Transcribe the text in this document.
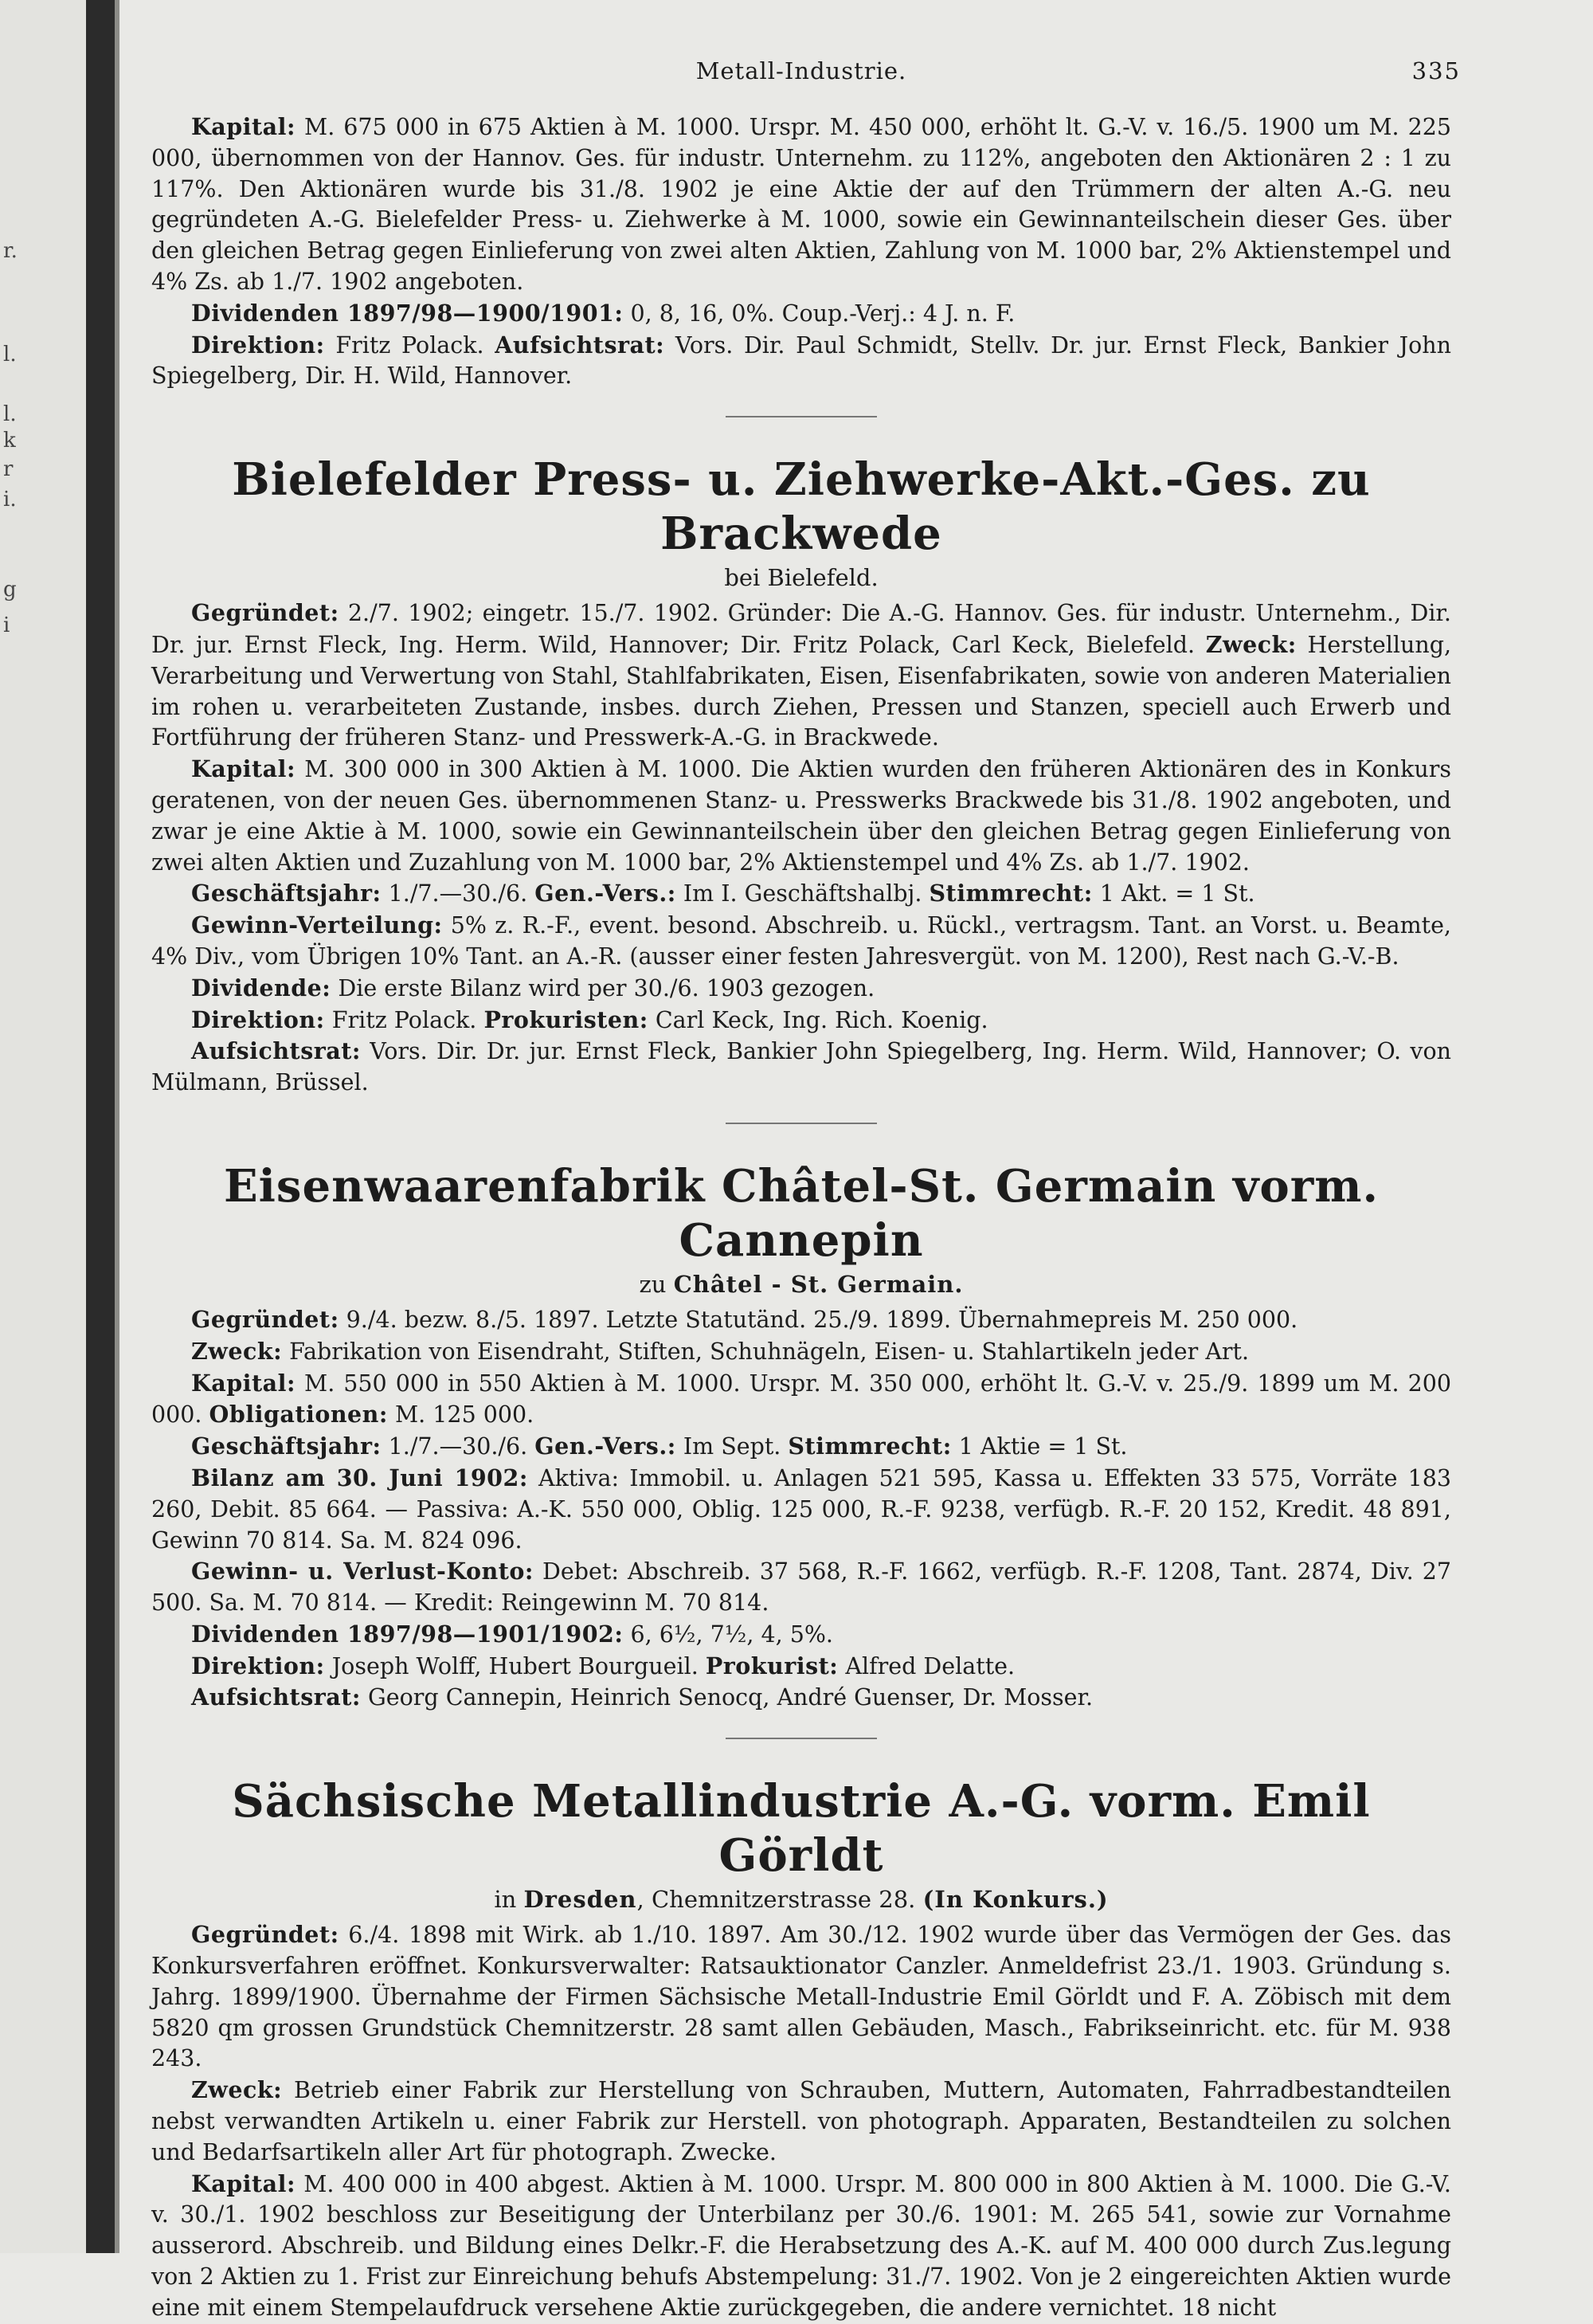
r.
l.
l.
k
r
i.
g
i
Metall-Industrie.	335

Kapital: M. 675 000 in 675 Aktien à M. 1000. Urspr. M. 450 000, erhöht lt. G.-V. v. 16./5. 1900 um M. 225 000, übernommen von der Hannov. Ges. für industr. Unternehm. zu 112%, angeboten den Aktionären 2 : 1 zu 117%. Den Aktionären wurde bis 31./8. 1902 je eine Aktie der auf den Trümmern der alten A.-G. neu gegründeten A.-G. Bielefelder Press- u. Ziehwerke à M. 1000, sowie ein Gewinnanteilschein dieser Ges. über den gleichen Betrag gegen Einlieferung von zwei alten Aktien, Zahlung von M. 1000 bar, 2% Aktienstempel und 4% Zs. ab 1./7. 1902 angeboten.

Dividenden 1897/98—1900/1901: 0, 8, 16, 0%. Coup.-Verj.: 4 J. n. F.

Direktion: Fritz Polack. Aufsichtsrat: Vors. Dir. Paul Schmidt, Stellv. Dr. jur. Ernst Fleck, Bankier John Spiegelberg, Dir. H. Wild, Hannover.

Bielefelder Press- u. Ziehwerke-Akt.-Ges. zu Brackwede
bei Bielefeld.

Gegründet: 2./7. 1902; eingetr. 15./7. 1902. Gründer: Die A.-G. Hannov. Ges. für industr. Unternehm., Dir. Dr. jur. Ernst Fleck, Ing. Herm. Wild, Hannover; Dir. Fritz Polack, Carl Keck, Bielefeld. Zweck: Herstellung, Verarbeitung und Verwertung von Stahl, Stahlfabrikaten, Eisen, Eisenfabrikaten, sowie von anderen Materialien im rohen u. verarbeiteten Zustande, insbes. durch Ziehen, Pressen und Stanzen, speciell auch Erwerb und Fortführung der früheren Stanz- und Presswerk-A.-G. in Brackwede.

Kapital: M. 300 000 in 300 Aktien à M. 1000. Die Aktien wurden den früheren Aktionären des in Konkurs geratenen, von der neuen Ges. übernommenen Stanz- u. Presswerks Brackwede bis 31./8. 1902 angeboten, und zwar je eine Aktie à M. 1000, sowie ein Gewinnanteilschein über den gleichen Betrag gegen Einlieferung von zwei alten Aktien und Zuzahlung von M. 1000 bar, 2% Aktienstempel und 4% Zs. ab 1./7. 1902.

Geschäftsjahr: 1./7.—30./6. Gen.-Vers.: Im I. Geschäftshalbj. Stimmrecht: 1 Akt. = 1 St.

Gewinn-Verteilung: 5% z. R.-F., event. besond. Abschreib. u. Rückl., vertragsm. Tant. an Vorst. u. Beamte, 4% Div., vom Übrigen 10% Tant. an A.-R. (ausser einer festen Jahresvergüt. von M. 1200), Rest nach G.-V.-B.

Dividende: Die erste Bilanz wird per 30./6. 1903 gezogen.

Direktion: Fritz Polack. Prokuristen: Carl Keck, Ing. Rich. Koenig.

Aufsichtsrat: Vors. Dir. Dr. jur. Ernst Fleck, Bankier John Spiegelberg, Ing. Herm. Wild, Hannover; O. von Mülmann, Brüssel.

Eisenwaarenfabrik Châtel-St. Germain vorm. Cannepin
zu Châtel - St. Germain.

Gegründet: 9./4. bezw. 8./5. 1897. Letzte Statutänd. 25./9. 1899. Übernahmepreis M. 250 000.

Zweck: Fabrikation von Eisendraht, Stiften, Schuhnägeln, Eisen- u. Stahlartikeln jeder Art.

Kapital: M. 550 000 in 550 Aktien à M. 1000. Urspr. M. 350 000, erhöht lt. G.-V. v. 25./9. 1899 um M. 200 000. Obligationen: M. 125 000.

Geschäftsjahr: 1./7.—30./6. Gen.-Vers.: Im Sept. Stimmrecht: 1 Aktie = 1 St.

Bilanz am 30. Juni 1902: Aktiva: Immobil. u. Anlagen 521 595, Kassa u. Effekten 33 575, Vorräte 183 260, Debit. 85 664. — Passiva: A.-K. 550 000, Oblig. 125 000, R.-F. 9238, verfügb. R.-F. 20 152, Kredit. 48 891, Gewinn 70 814. Sa. M. 824 096.

Gewinn- u. Verlust-Konto: Debet: Abschreib. 37 568, R.-F. 1662, verfügb. R.-F. 1208, Tant. 2874, Div. 27 500. Sa. M. 70 814. — Kredit: Reingewinn M. 70 814.

Dividenden 1897/98—1901/1902: 6, 6½, 7½, 4, 5%.

Direktion: Joseph Wolff, Hubert Bourgueil. Prokurist: Alfred Delatte.

Aufsichtsrat: Georg Cannepin, Heinrich Senocq, André Guenser, Dr. Mosser.

Sächsische Metallindustrie A.-G. vorm. Emil Görldt
in Dresden, Chemnitzerstrasse 28. (In Konkurs.)

Gegründet: 6./4. 1898 mit Wirk. ab 1./10. 1897. Am 30./12. 1902 wurde über das Vermögen der Ges. das Konkursverfahren eröffnet. Konkursverwalter: Ratsauktionator Canzler. Anmeldefrist 23./1. 1903. Gründung s. Jahrg. 1899/1900. Übernahme der Firmen Sächsische Metall-Industrie Emil Görldt und F. A. Zöbisch mit dem 5820 qm grossen Grundstück Chemnitzerstr. 28 samt allen Gebäuden, Masch., Fabrikseinricht. etc. für M. 938 243.

Zweck: Betrieb einer Fabrik zur Herstellung von Schrauben, Muttern, Automaten, Fahrradbestandteilen nebst verwandten Artikeln u. einer Fabrik zur Herstell. von photograph. Apparaten, Bestandteilen zu solchen und Bedarfsartikeln aller Art für photograph. Zwecke.

Kapital: M. 400 000 in 400 abgest. Aktien à M. 1000. Urspr. M. 800 000 in 800 Aktien à M. 1000. Die G.-V. v. 30./1. 1902 beschloss zur Beseitigung der Unterbilanz per 30./6. 1901: M. 265 541, sowie zur Vornahme ausserord. Abschreib. und Bildung eines Delkr.-F. die Herabsetzung des A.-K. auf M. 400 000 durch Zus.legung von 2 Aktien zu 1. Frist zur Einreichung behufs Abstempelung: 31./7. 1902. Von je 2 eingereichten Aktien wurde eine mit einem Stempelaufdruck versehene Aktie zurückgegeben, die andere vernichtet. 18 nicht
